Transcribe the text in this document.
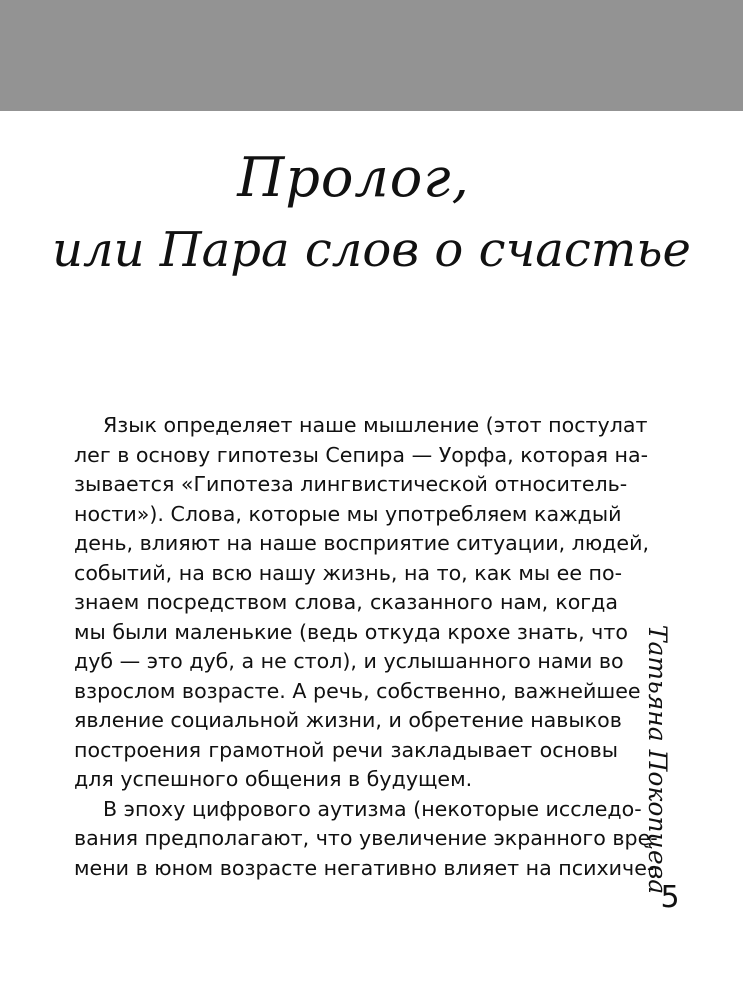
Пролог,
или Пара слов о счастье
Язык определяет наше мышление (этот постулат
лег в основу гипотезы Сепира — Уорфа, которая на-
зывается «Гипотеза лингвистической относитель-
ности»). Слова, которые мы употребляем каждый
день, влияют на наше восприятие ситуации, людей,
событий, на всю нашу жизнь, на то, как мы ее по-
знаем посредством слова, сказанного нам, когда
мы были маленькие (ведь откуда крохе знать, что
дуб — это дуб, а не стол), и услышанного нами во
взрослом возрасте. А речь, собственно, важнейшее
явление социальной жизни, и обретение навыков
построения грамотной речи закладывает основы
для успешного общения в будущем.
В эпоху цифрового аутизма (некоторые исследо-
вания предполагают, что увеличение экранного вре-
мени в юном возрасте негативно влияет на психиче-
Татьяна Покопцева
5
